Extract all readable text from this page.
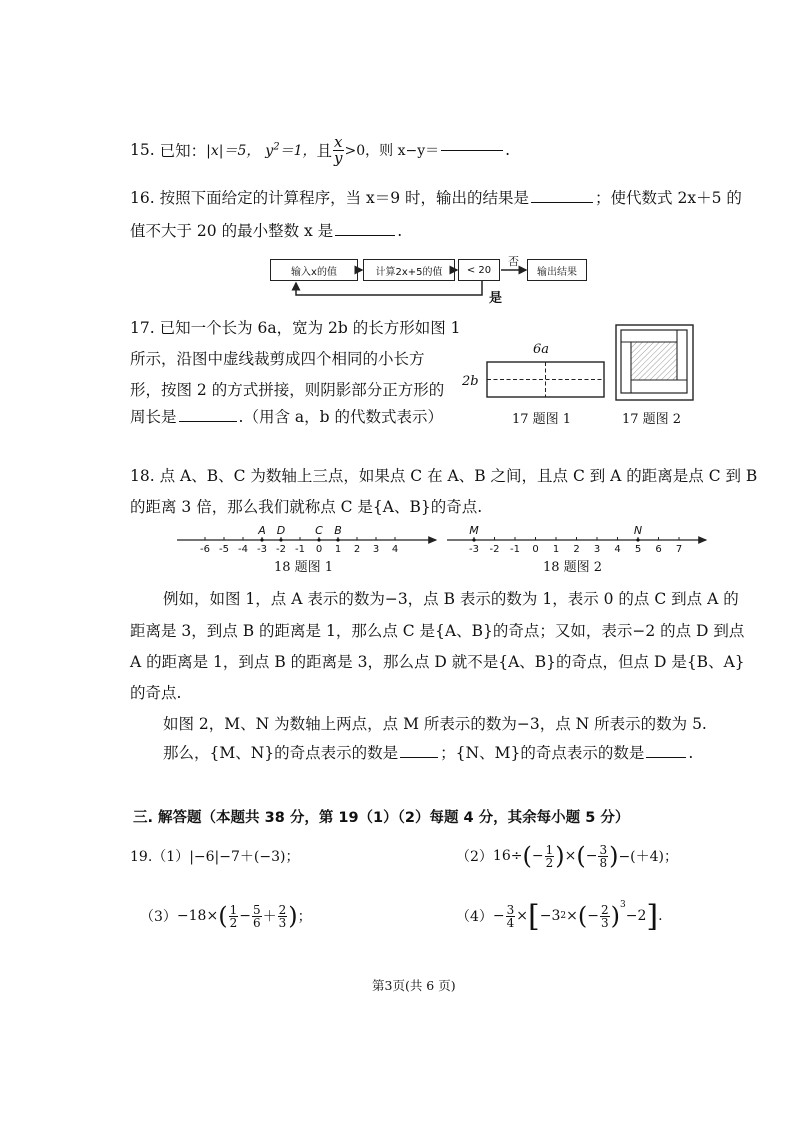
15.
已知： |x|＝5，
$y^2=1$， 且 $\frac{x}{y} >0$，则 x−y＝	.
16. 按照下面给定的计算程序，当 x＝9 时，输出的结果是	；使代数式 2x＋5 的
值不大于 20 的最小整数 x 是	.
输入x的值	计算2x+5的值	< 20	输出结果
否
是
17. 已知一个长为 6a，宽为 2b 的长方形如图 1
所示，沿图中虚线裁剪成四个相同的小长方
形，按图 2 的方式拼接，则阴影部分正方形的
周长是	.（用含 a，b 的代数式表示）
6a
2b
17 题图 1	17 题图 2
18. 点 A、B、C 为数轴上三点，如果点 C 在 A、B 之间，且点 C 到 A 的距离是点 C 到 B
的距离 3 倍，那么我们就称点 C 是{A、B}的奇点.
-6 -5 -4 -3 -2 -1 0 1 2 3 4
A D	C B
18 题图 1
-3 -2 -1 0 1 2 3 4 5 6 7
M	N
18 题图 2
例如，如图 1，点 A 表示的数为−3，点 B 表示的数为 1，表示 0 的点 C 到点 A 的
距离是 3，到点 B 的距离是 1，那么点 C 是{A、B}的奇点；又如，表示−2 的点 D 到点
A 的距离是 1，到点 B 的距离是 3，那么点 D 就不是{A、B}的奇点，但点 D 是{B、A}
的奇点.
如图 2，M、N 为数轴上两点，点 M 所表示的数为−3，点 N 所表示的数为 5.
那么，{M、N}的奇点表示的数是	；{N、M}的奇点表示的数是	.
三. 解答题（本题共 38 分，第 19（1）（2）每题 4 分，其余每小题 5 分）
19.（1）|−6|−7＋(−3)；	（2） 16÷ ( − $\frac{1}{2}$ ) × ( − $\frac{3}{8}$ ) −(＋4)；
（3） −18× ( $\frac{1}{2} - \frac{5}{6} + \frac{2}{3}$ ) ；	$(4) - \frac{3}{4}$ × [ −3 2 × ( − $\frac{2}{3} )^3$
−2 ] .
第3页(共 6 页)
